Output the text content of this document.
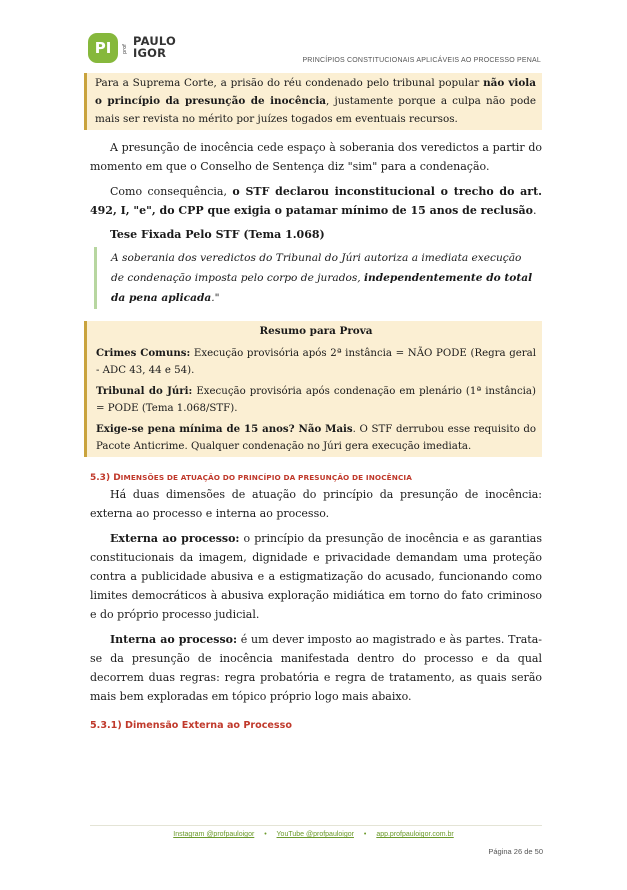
PI	prof
PAULO
IGOR
PRINCÍPIOS CONSTITUCIONAIS APLICÁVEIS AO PROCESSO PENAL

Para a Suprema Corte, a prisão do réu condenado pelo tribunal popular não viola o princípio da presunção de inocência, justamente porque a culpa não pode mais ser revista no mérito por juízes togados em eventuais recursos.

A presunção de inocência cede espaço à soberania dos veredictos a partir do momento em que o Conselho de Sentença diz "sim" para a condenação.

Como consequência, o STF declarou inconstitucional o trecho do art. 492, I, "e", do CPP que exigia o patamar mínimo de 15 anos de reclusão.

Tese Fixada Pelo STF (Tema 1.068)

A soberania dos veredictos do Tribunal do Júri autoriza a imediata execução de condenação imposta pelo corpo de jurados, independentemente do total da pena aplicada."

Resumo para Prova

Crimes Comuns: Execução provisória após 2ª instância = NÃO PODE (Regra geral - ADC 43, 44 e 54).

Tribunal do Júri: Execução provisória após condenação em plenário (1ª instância) = PODE (Tema 1.068/STF).

Exige-se pena mínima de 15 anos? Não Mais. O STF derrubou esse requisito do Pacote Anticrime. Qualquer condenação no Júri gera execução imediata.

5.3) DIMENSÕES DE ATUAÇÃO DO PRINCÍPIO DA PRESUNÇÃO DE INOCÊNCIA

Há duas dimensões de atuação do princípio da presunção de inocência: externa ao processo e interna ao processo.

Externa ao processo: o princípio da presunção de inocência e as garantias constitucionais da imagem, dignidade e privacidade demandam uma proteção contra a publicidade abusiva e a estigmatização do acusado, funcionando como limites democráticos à abusiva exploração midiática em torno do fato criminoso e do próprio processo judicial.

Interna ao processo: é um dever imposto ao magistrado e às partes. Trata-se da presunção de inocência manifestada dentro do processo e da qual decorrem duas regras: regra probatória e regra de tratamento, as quais serão mais bem exploradas em tópico próprio logo mais abaixo.

5.3.1) Dimensão Externa ao Processo
Instagram @profpauloigor • YouTube @profpauloigor • app.profpauloigor.com.br
Página 26 de 50
